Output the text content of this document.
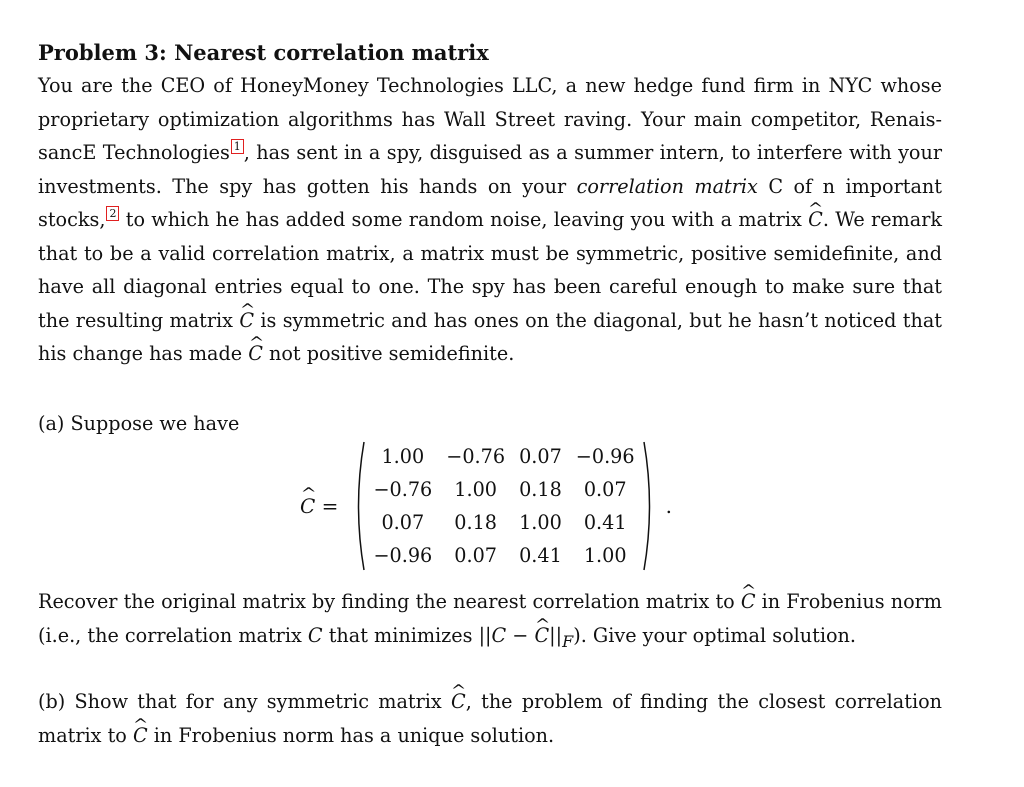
Problem 3: Nearest correlation matrix

You are the CEO of HoneyMoney Technologies LLC, a new hedge fund firm in NYC whose proprietary optimization algorithms has Wall Street raving. Your main competitor, Renais-sancE Technologies 1 , has sent in a spy, disguised as a summer intern, to interfere with your investments. The spy has gotten his hands on your correlation matrix C of n important stocks, 2 to which he has added some random noise, leaving you with a matrix C ^. We remark that to be a valid correlation matrix, a matrix must be symmetric, positive semidefinite, and have all diagonal entries equal to one. The spy has been careful enough to make sure that the resulting matrix C ^ is symmetric and has ones on the diagonal, but he hasn’t noticed that his change has made C ^ not positive semidefinite.

(a) Suppose we have

C ^ =
1.00	−0.76	0.07	−0.96
−0.76	1.00	0.18	0.07
0.07	0.18	1.00	0.41
−0.96	0.07	0.41	1.00
.

Recover the original matrix by finding the nearest correlation matrix to C ^ in Frobenius norm (i.e., the correlation matrix C that minimizes ||C − C $\^{}||_F$). Give your optimal solution.

(b) Show that for any symmetric matrix C ^, the problem of finding the closest correlation matrix to C ^ in Frobenius norm has a unique solution.
